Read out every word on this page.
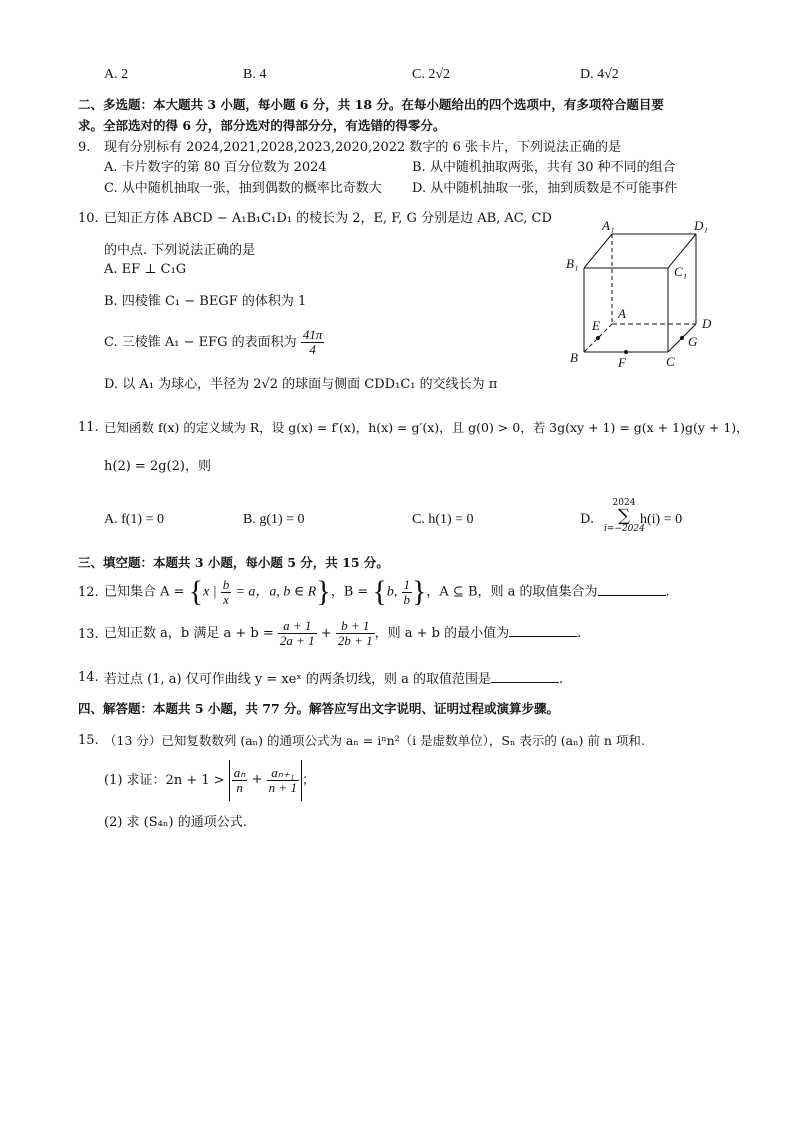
A. 2	B. 4	C. 2√2	D. 4√2
二、多选题：本大题共 3 小题，每小题 6 分，共 18 分。在每小题给出的四个选项中，有多项符合题目要
求。全部选对的得 6 分，部分选对的得部分分，有选错的得零分。
9. 现有分别标有 2024,2021,2028,2023,2020,2022 数字的 6 张卡片，下列说法正确的是
A. 卡片数字的第 80 百分位数为 2024	B. 从中随机抽取两张，共有 30 种不同的组合
C. 从中随机抽取一张，抽到偶数的概率比奇数大 D. 从中随机抽取一张，抽到质数是不可能事件
10. 已知正方体 ABCD − A₁B₁C₁D₁ 的棱长为 2，E, F, G 分别是边 AB, AC, CD
的中点. 下列说法正确的是
A. EF ⊥ C₁G
B. 四棱锥 C₁ − BEGF 的体积为 1
C. 三棱锥 A₁ − EFG 的表面积为 $\frac{41\pi}{4}$
D. 以 A₁ 为球心，半径为 2√2 的球面与侧面 CDD₁C₁ 的交线长为 π
A₁	D₁
B₁
C₁
A
D
B	C
E
F
G
11. 已知函数 f(x) 的定义域为 R，设 g(x) = f′(x)，h(x) = g′(x)，且 g(0) > 0，若 3g(xy + 1) = g(x + 1)g(y + 1)，
h(2) = 2g(2)，则
A. f(1) = 0	B. g(1) = 0	C. h(1) = 0	D.
2024
∑
i=−2024
h(i) = 0
三、填空题：本题共 3 小题，每小题 5 分，共 15 分。
12. 已知集合 A = {x | $\frac{b}{x} = a$，a, b ∈ R}，B = {b, $\frac{1}{b}$ }，A ⊆ B，则 a 的取值集合为	.
13. 已知正数 a，b 满足 $a + b = \frac{a + 1}{2a + 1} + \frac{b + 1}{2b + 1}$ ，则 a + b 的最小值为	.
14. 若过点 (1, a) 仅可作曲线 y = xeˣ 的两条切线，则 a 的取值范围是	.
四、解答题：本题共 5 小题，共 77 分。解答应写出文字说明、证明过程或演算步骤。
15. （13 分）已知复数数列 (aₙ) 的通项公式为 aₙ = iⁿn²（i 是虚数单位），Sₙ 表示的 (aₙ) 前 n 项和.
(1) 求证：$2n + 1 > \frac{\text{aₙ}}{n} + \frac{\text{aₙ₊₁}}{n + 1}$ ；
(2) 求 (S₄ₙ) 的通项公式.
